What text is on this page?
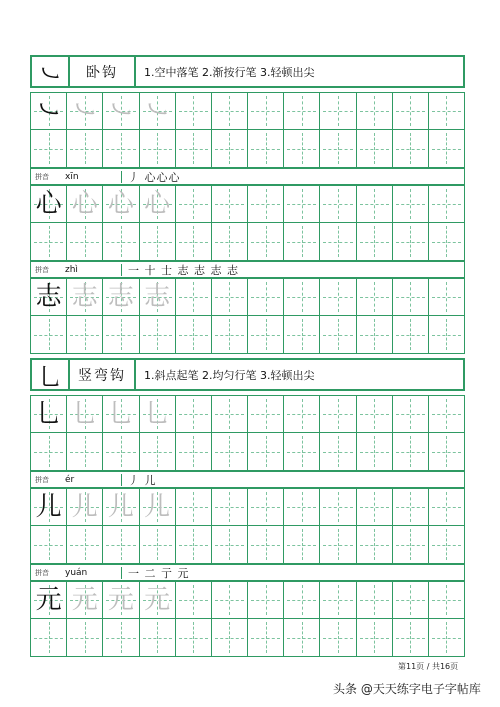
㇃	卧钩	1.空中落笔 2.渐按行笔 3.轻顿出尖
㇃ ㇃ ㇃ ㇃
拼音	xīn	丿 心心心
心 心 心 心
拼音	zhì	一 十 士 志 志 志 志
志 志 志 志
乚	竖弯钩	1.斜点起笔 2.均匀行笔 3.轻顿出尖
乚 乚 乚 乚
拼音	ér	丿 儿
儿 儿 儿 儿
拼音	yuán	一 二 亍 元
元 元 元 元
第11页 / 共16页
头条 @天天练字电子字帖库
